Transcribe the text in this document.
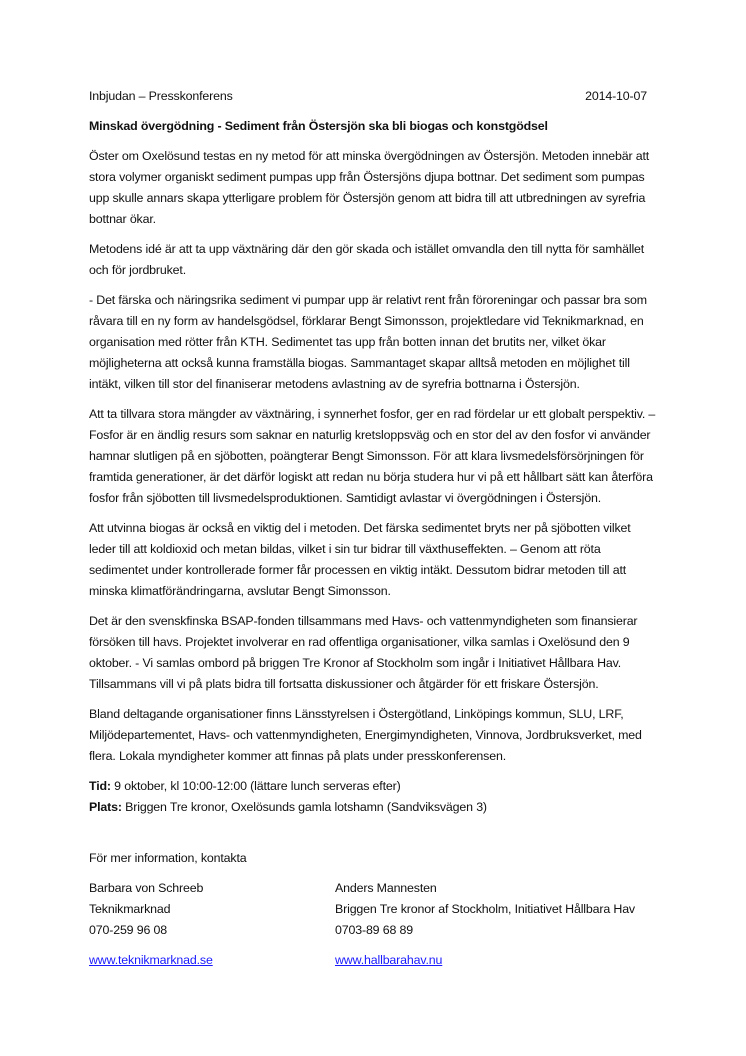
Inbjudan – Presskonferens	2014-10-07
Minskad övergödning - Sediment från Östersjön ska bli biogas och konstgödsel

Öster om Oxelösund testas en ny metod för att minska övergödningen av Östersjön. Metoden innebär att stora volymer organiskt sediment pumpas upp från Östersjöns djupa bottnar. Det sediment som pumpas upp skulle annars skapa ytterligare problem för Östersjön genom att bidra till att utbredningen av syrefria bottnar ökar.

Metodens idé är att ta upp växtnäring där den gör skada och istället omvandla den till nytta för samhället och för jordbruket.

- Det färska och näringsrika sediment vi pumpar upp är relativt rent från föroreningar och passar bra som råvara till en ny form av handelsgödsel, förklarar Bengt Simonsson, projektledare vid Teknikmarknad, en organisation med rötter från KTH. Sedimentet tas upp från botten innan det brutits ner, vilket ökar möjligheterna att också kunna framställa biogas. Sammantaget skapar alltså metoden en möjlighet till intäkt, vilken till stor del finaniserar metodens avlastning av de syrefria bottnarna i Östersjön.

Att ta tillvara stora mängder av växtnäring, i synnerhet fosfor, ger en rad fördelar ur ett globalt perspektiv. – Fosfor är en ändlig resurs som saknar en naturlig kretsloppsväg och en stor del av den fosfor vi använder hamnar slutligen på en sjöbotten, poängterar Bengt Simonsson. För att klara livsmedelsförsörjningen för framtida generationer, är det därför logiskt att redan nu börja studera hur vi på ett hållbart sätt kan återföra fosfor från sjöbotten till livsmedelsproduktionen. Samtidigt avlastar vi övergödningen i Östersjön.

Att utvinna biogas är också en viktig del i metoden. Det färska sedimentet bryts ner på sjöbotten vilket leder till att koldioxid och metan bildas, vilket i sin tur bidrar till växthuseffekten. – Genom att röta sedimentet under kontrollerade former får processen en viktig intäkt. Dessutom bidrar metoden till att minska klimatförändringarna, avslutar Bengt Simonsson.

Det är den svenskfinska BSAP-fonden tillsammans med Havs- och vattenmyndigheten som finansierar försöken till havs. Projektet involverar en rad offentliga organisationer, vilka samlas i Oxelösund den 9 oktober. - Vi samlas ombord på briggen Tre Kronor af Stockholm som ingår i Initiativet Hållbara Hav. Tillsammans vill vi på plats bidra till fortsatta diskussioner och åtgärder för ett friskare Östersjön.

Bland deltagande organisationer finns Länsstyrelsen i Östergötland, Linköpings kommun, SLU, LRF, Miljödepartementet, Havs- och vattenmyndigheten, Energimyndigheten, Vinnova, Jordbruksverket, med flera. Lokala myndigheter kommer att finnas på plats under presskonferensen.

Tid: 9 oktober, kl 10:00-12:00 (lättare lunch serveras efter)
Plats: Briggen Tre kronor, Oxelösunds gamla lotshamn (Sandviksvägen 3)
För mer information, kontakta
Barbara von Schreeb
Teknikmarknad
070-259 96 08
www.teknikmarknad.se
Anders Mannesten
Briggen Tre kronor af Stockholm, Initiativet Hållbara Hav
0703-89 68 89
www.hallbarahav.nu
